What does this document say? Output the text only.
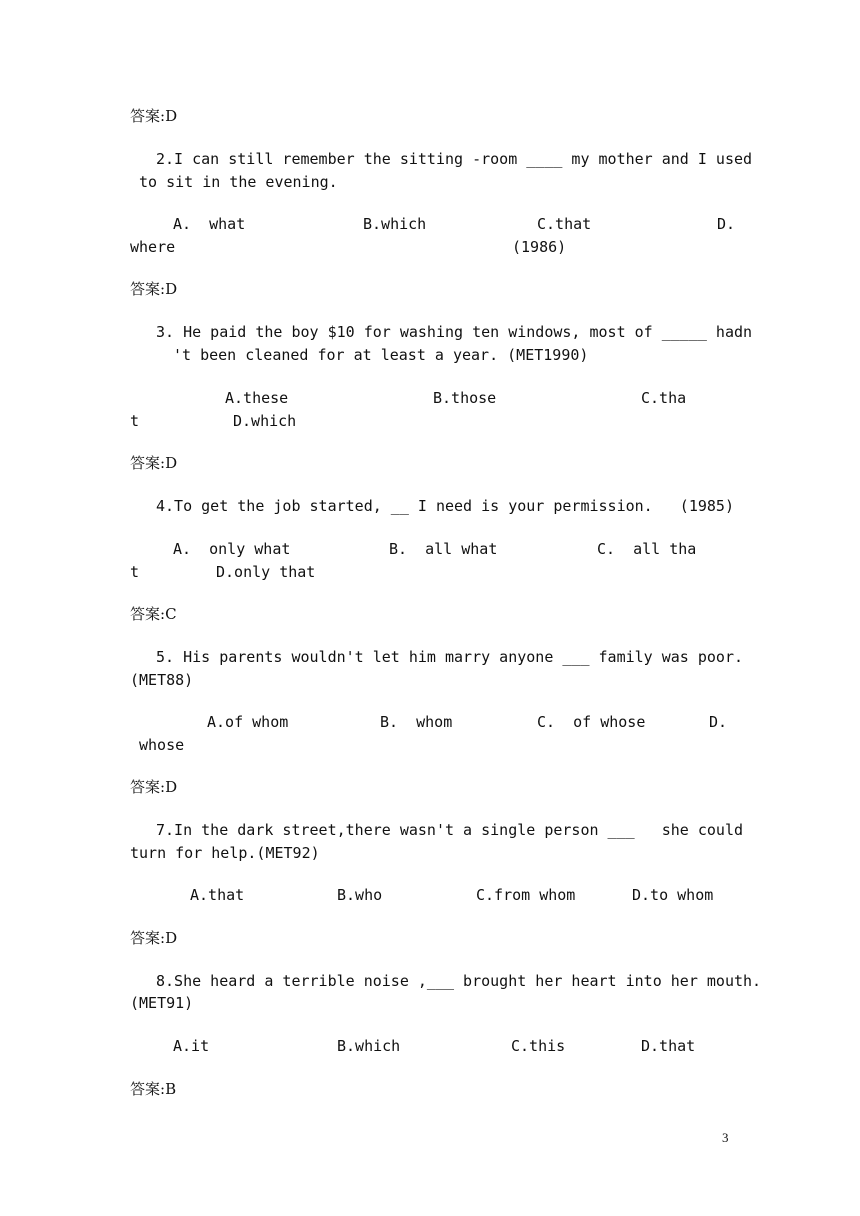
答案:D
2.I can still remember the sitting -room ____ my mother and I used
to sit in the evening.
A.  what	B.which	C.that	D.
where	(1986)
答案:D
3. He paid the boy $10 for washing ten windows, most of _____ hadn
't been cleaned for at least a year. (MET1990)
A.these	B.those	C.tha
t	D.which
答案:D
4.To get the job started, __ I need is your permission.   (1985)
A.  only what	B.  all what	C.  all tha
t	D.only that
答案:C
5. His parents wouldn't let him marry anyone ___ family was poor.
(MET88)
A.of whom	B.  whom	C.  of whose	D.
whose
答案:D
7.In the dark street,there wasn't a single person ___   she could
turn for help.(MET92)
A.that	B.who	C.from whom	D.to whom
答案:D
8.She heard a terrible noise ,___ brought her heart into her mouth.
(MET91)
A.it	B.which	C.this	D.that
答案:B
3
